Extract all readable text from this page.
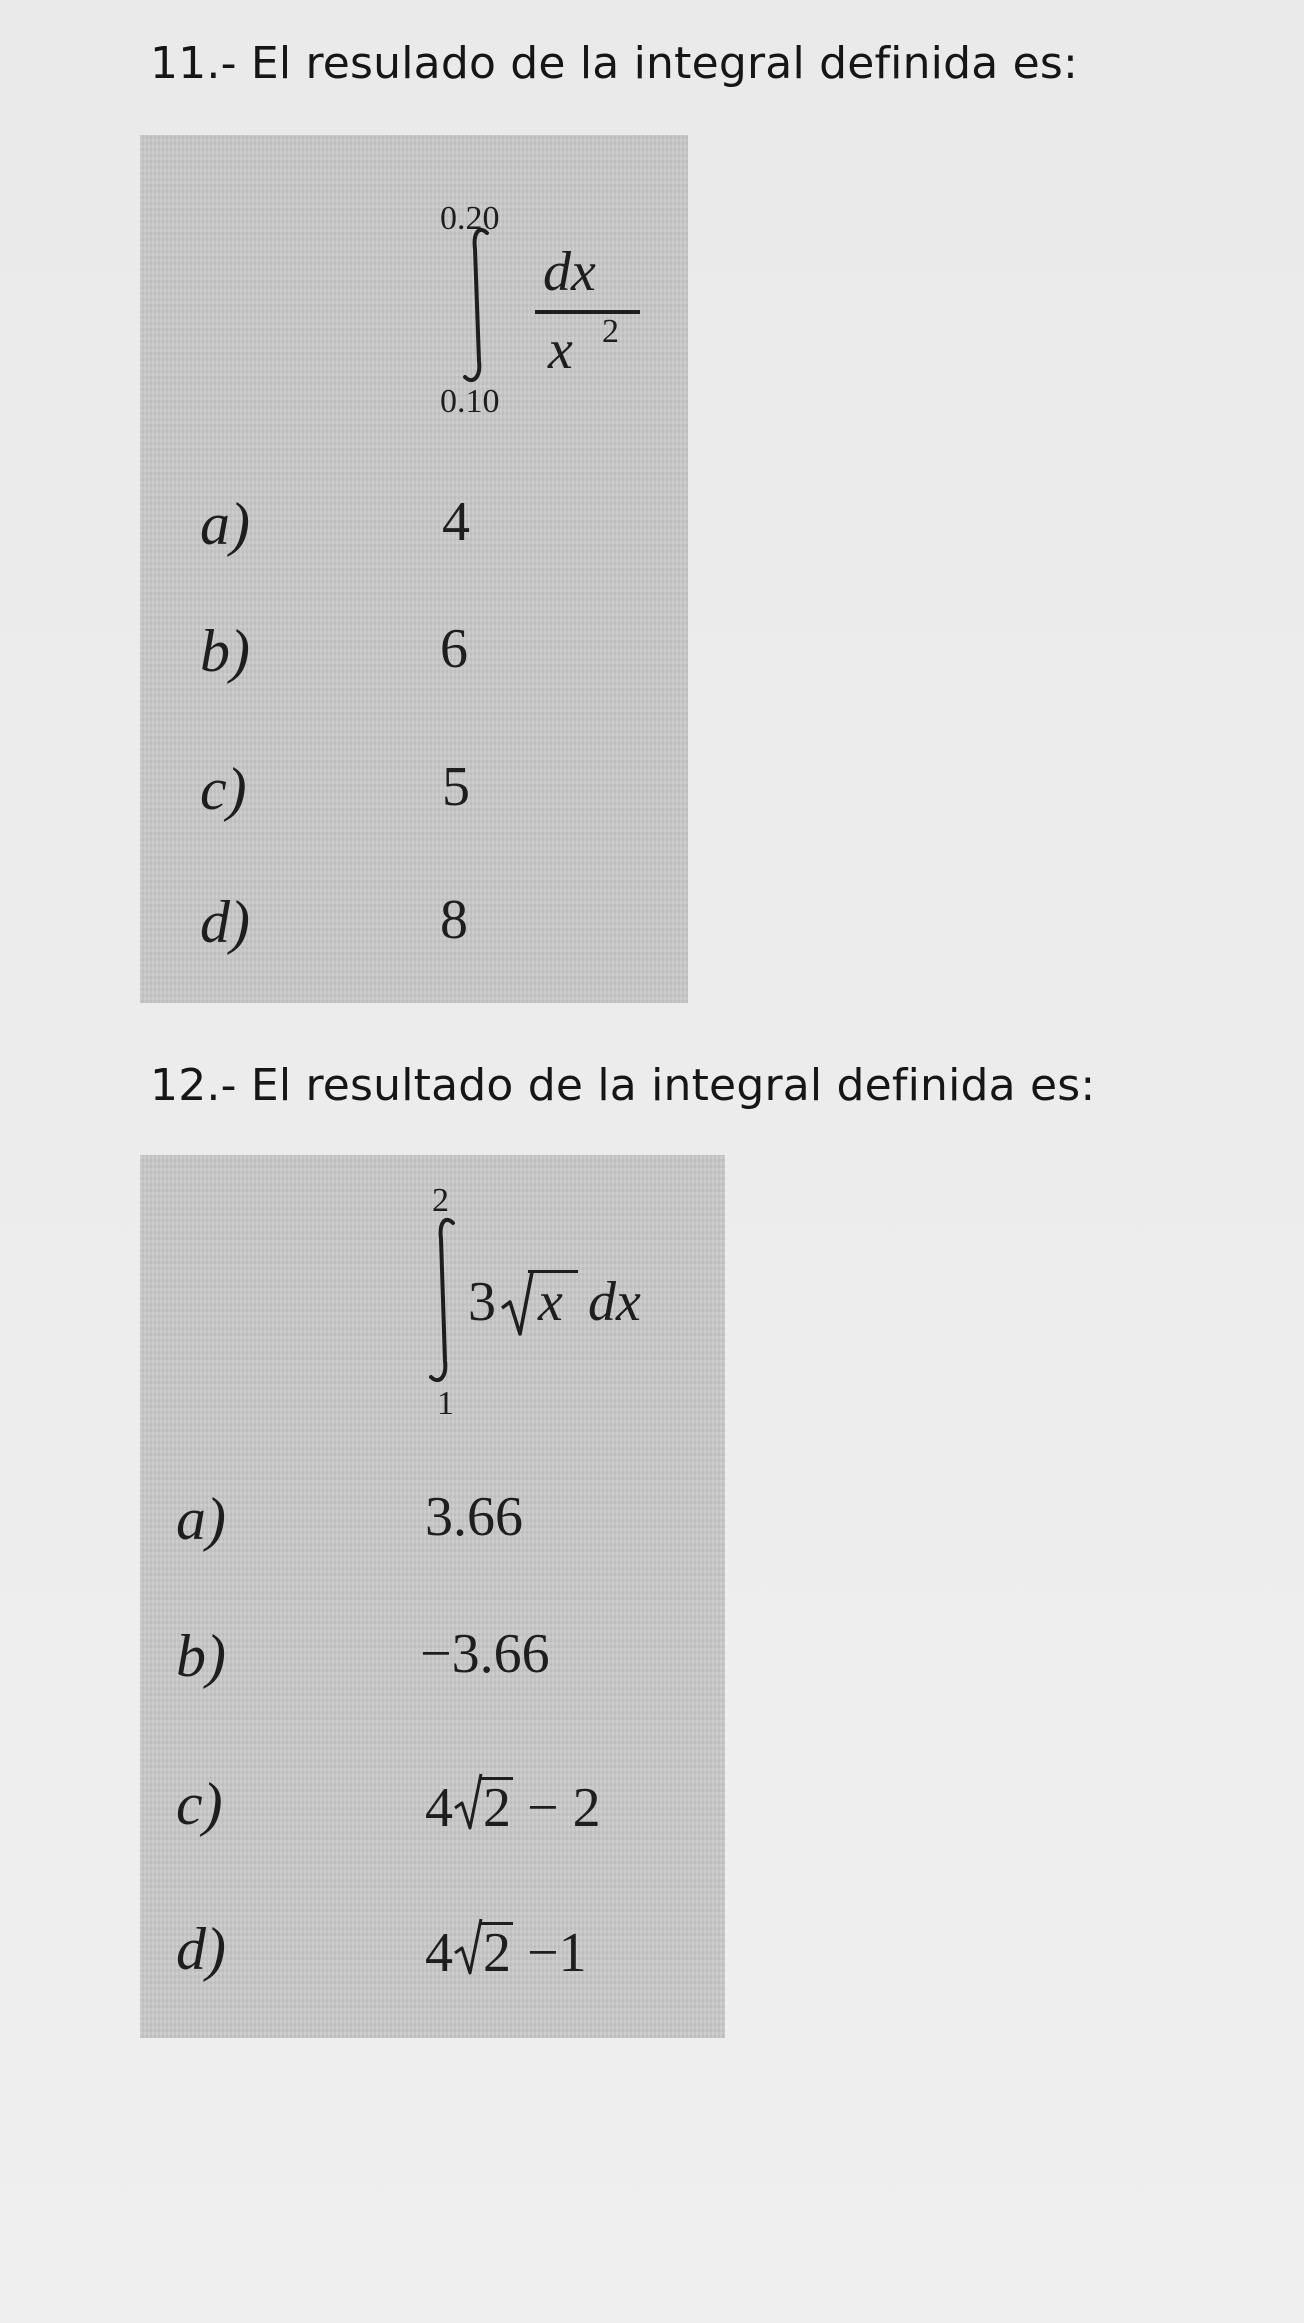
11.- El resulado de la integral definida es:
0.20
0.10
dx
x 2
a)	4
b)	6
c)	5
d)	8
12.- El resultado de la integral definida es:
2
1
3 x dx
a)	3.66
b)	−3.66
c)	4 2 − 2
d)	4 2 −1
